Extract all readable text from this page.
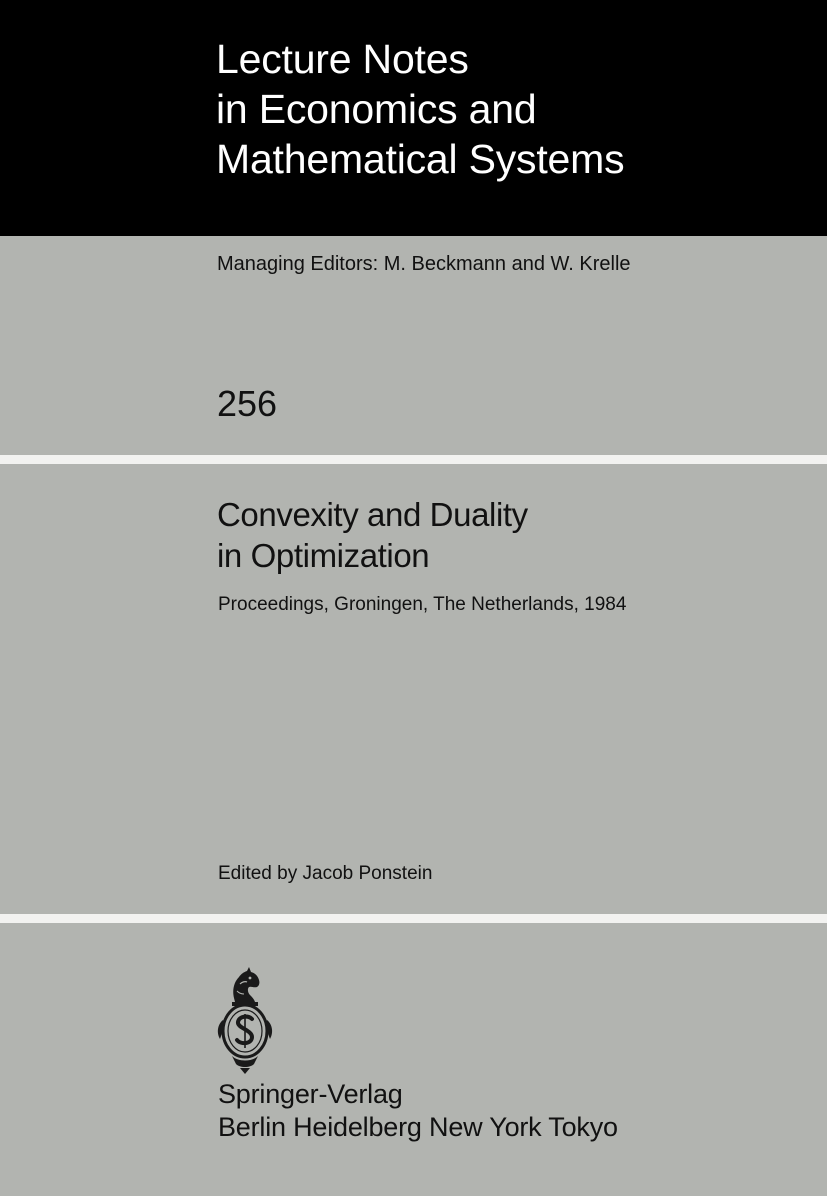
Lecture Notes
in Economics and
Mathematical Systems
Managing Editors: M. Beckmann and W. Krelle
256
Convexity and Duality
in Optimization
Proceedings, Groningen, The Netherlands, 1984
Edited by Jacob Ponstein
Springer-Verlag
Berlin Heidelberg New York Tokyo
